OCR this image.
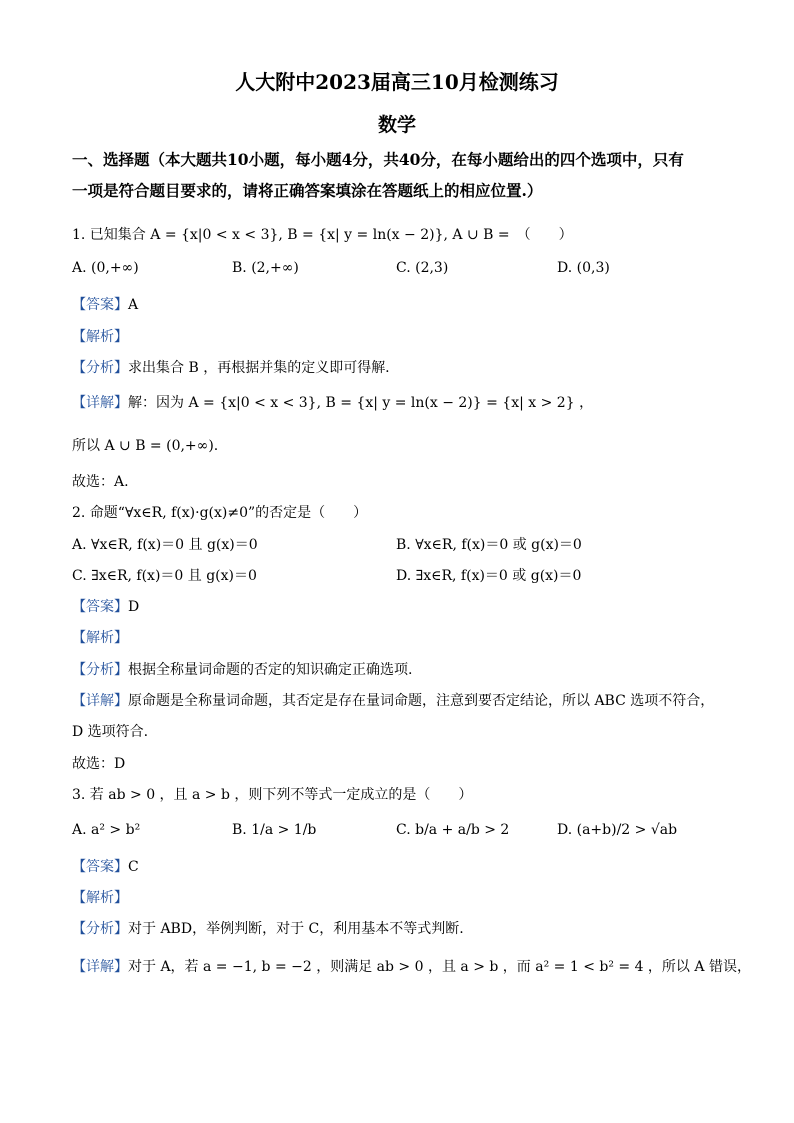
人大附中2023届高三10月检测练习
数学
一、选择题（本大题共10小题，每小题4分，共40分，在每小题给出的四个选项中，只有
一项是符合题目要求的，请将正确答案填涂在答题纸上的相应位置.）
1. 已知集合 A = {x|0 < x < 3}, B = {x| y = ln(x − 2)}, A ∪ B =　（　　）
A. (0,+∞)	B. (2,+∞)	C. (2,3)	D. (0,3)
【答案】A
【解析】
【分析】求出集合 B ，再根据并集的定义即可得解.
【详解】解：因为 A = {x|0 < x < 3}, B = {x| y = ln(x − 2)} = {x| x > 2} ，
所以 A ∪ B = (0,+∞).
故选：A.
2. 命题“∀x∈R, f(x)·g(x)≠0”的否定是（　　）
A. ∀x∈R, f(x)＝0 且 g(x)＝0	B. ∀x∈R, f(x)＝0 或 g(x)＝0
C. ∃x∈R, f(x)＝0 且 g(x)＝0	D. ∃x∈R, f(x)＝0 或 g(x)＝0
【答案】D
【解析】
【分析】根据全称量词命题的否定的知识确定正确选项.
【详解】原命题是全称量词命题，其否定是存在量词命题，注意到要否定结论，所以 ABC 选项不符合，
D 选项符合.
故选：D
3. 若 ab > 0 ，且 a > b ，则下列不等式一定成立的是（　　）
A. a² > b²	B. 1/a > 1/b	C. b/a + a/b > 2	D. (a+b)/2 > √ab
【答案】C
【解析】
【分析】对于 ABD，举例判断，对于 C，利用基本不等式判断.
【详解】对于 A，若 a = −1, b = −2 ，则满足 ab > 0 ，且 a > b ，而 a² = 1 < b² = 4 ，所以 A 错误，
